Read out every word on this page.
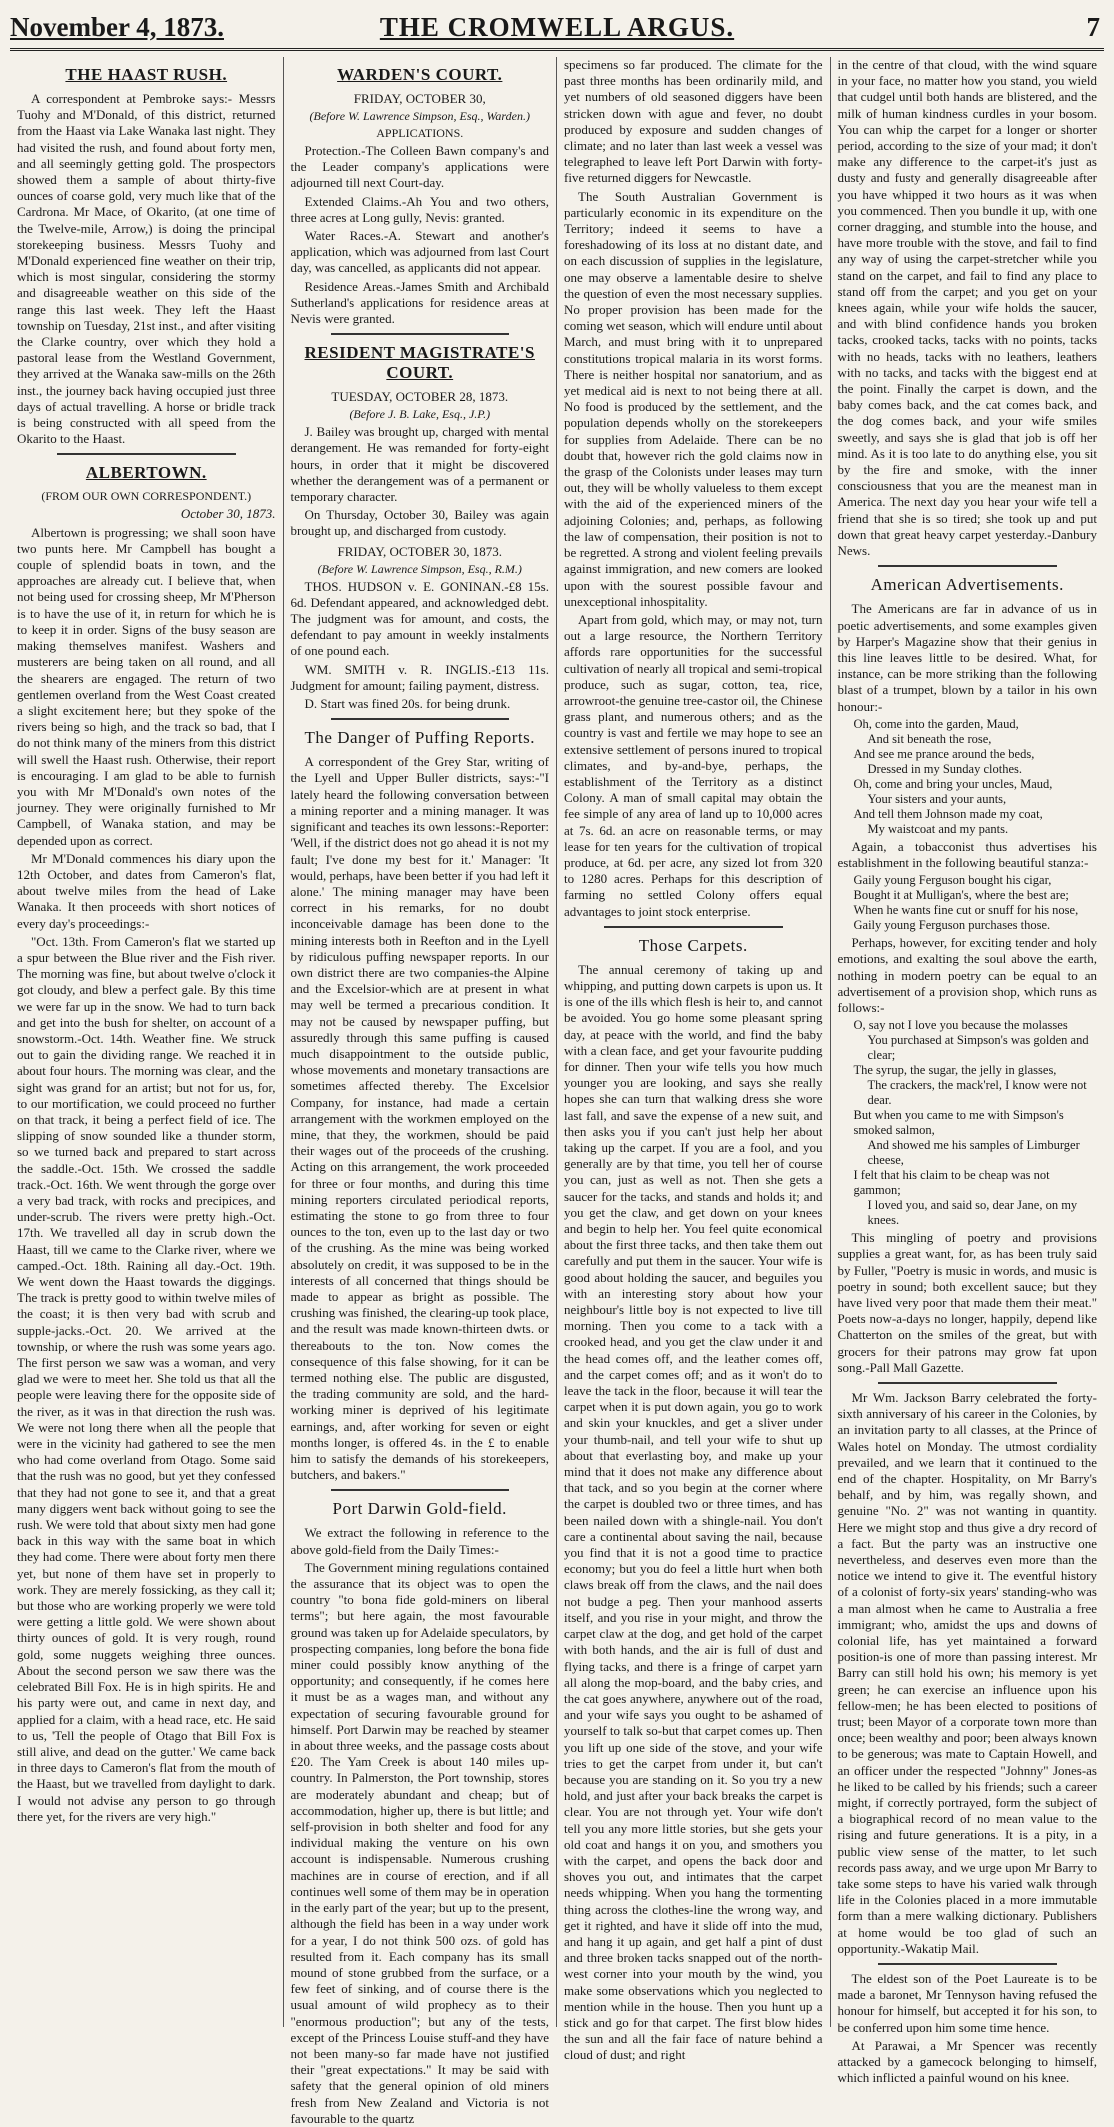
November 4, 1873.	THE CROMWELL ARGUS.	7
THE HAAST RUSH.

A correspondent at Pembroke says:- Messrs Tuohy and M'Donald, of this district, returned from the Haast via Lake Wanaka last night. They had visited the rush, and found about forty men, and all seemingly getting gold. The prospectors showed them a sample of about thirty-five ounces of coarse gold, very much like that of the Cardrona. Mr Mace, of Okarito, (at one time of the Twelve-mile, Arrow,) is doing the principal storekeeping business. Messrs Tuohy and M'Donald experienced fine weather on their trip, which is most singular, considering the stormy and disagreeable weather on this side of the range this last week. They left the Haast township on Tuesday, 21st inst., and after visiting the Clarke country, over which they hold a pastoral lease from the Westland Government, they arrived at the Wanaka saw-mills on the 26th inst., the journey back having occupied just three days of actual travelling. A horse or bridle track is being constructed with all speed from the Okarito to the Haast.

ALBERTOWN.
(FROM OUR OWN CORRESPONDENT.)

October 30, 1873.

Albertown is progressing; we shall soon have two punts here. Mr Campbell has bought a couple of splendid boats in town, and the approaches are already cut. I believe that, when not being used for crossing sheep, Mr M'Pherson is to have the use of it, in return for which he is to keep it in order. Signs of the busy season are making themselves manifest. Washers and musterers are being taken on all round, and all the shearers are engaged. The return of two gentlemen overland from the West Coast created a slight excitement here; but they spoke of the rivers being so high, and the track so bad, that I do not think many of the miners from this district will swell the Haast rush. Otherwise, their report is encouraging. I am glad to be able to furnish you with Mr M'Donald's own notes of the journey. They were originally furnished to Mr Campbell, of Wanaka station, and may be depended upon as correct.

Mr M'Donald commences his diary upon the 12th October, and dates from Cameron's flat, about twelve miles from the head of Lake Wanaka. It then proceeds with short notices of every day's proceedings:-

"Oct. 13th. From Cameron's flat we started up a spur between the Blue river and the Fish river. The morning was fine, but about twelve o'clock it got cloudy, and blew a perfect gale. By this time we were far up in the snow. We had to turn back and get into the bush for shelter, on account of a snowstorm.-Oct. 14th. Weather fine. We struck out to gain the dividing range. We reached it in about four hours. The morning was clear, and the sight was grand for an artist; but not for us, for, to our mortification, we could proceed no further on that track, it being a perfect field of ice. The slipping of snow sounded like a thunder storm, so we turned back and prepared to start across the saddle.-Oct. 15th. We crossed the saddle track.-Oct. 16th. We went through the gorge over a very bad track, with rocks and precipices, and under-scrub. The rivers were pretty high.-Oct. 17th. We travelled all day in scrub down the Haast, till we came to the Clarke river, where we camped.-Oct. 18th. Raining all day.-Oct. 19th. We went down the Haast towards the diggings. The track is pretty good to within twelve miles of the coast; it is then very bad with scrub and supple-jacks.-Oct. 20. We arrived at the township, or where the rush was some years ago. The first person we saw was a woman, and very glad we were to meet her. She told us that all the people were leaving there for the opposite side of the river, as it was in that direction the rush was. We were not long there when all the people that were in the vicinity had gathered to see the men who had come overland from Otago. Some said that the rush was no good, but yet they confessed that they had not gone to see it, and that a great many diggers went back without going to see the rush. We were told that about sixty men had gone back in this way with the same boat in which they had come. There were about forty men there yet, but none of them have set in properly to work. They are merely fossicking, as they call it; but those who are working properly we were told were getting a little gold. We were shown about thirty ounces of gold. It is very rough, round gold, some nuggets weighing three ounces. About the second person we saw there was the celebrated Bill Fox. He is in high spirits. He and his party were out, and came in next day, and applied for a claim, with a head race, etc. He said to us, 'Tell the people of Otago that Bill Fox is still alive, and dead on the gutter.' We came back in three days to Cameron's flat from the mouth of the Haast, but we travelled from daylight to dark. I would not advise any person to go through there yet, for the rivers are very high."

WARDEN'S COURT.
FRIDAY, OCTOBER 30,
(Before W. Lawrence Simpson, Esq., Warden.)
APPLICATIONS.

Protection.-The Colleen Bawn company's and the Leader company's applications were adjourned till next Court-day.

Extended Claims.-Ah You and two others, three acres at Long gully, Nevis: granted.

Water Races.-A. Stewart and another's application, which was adjourned from last Court day, was cancelled, as applicants did not appear.

Residence Areas.-James Smith and Archibald Sutherland's applications for residence areas at Nevis were granted.

RESIDENT MAGISTRATE'S COURT.
TUESDAY, OCTOBER 28, 1873.
(Before J. B. Lake, Esq., J.P.)

J. Bailey was brought up, charged with mental derangement. He was remanded for forty-eight hours, in order that it might be discovered whether the derangement was of a permanent or temporary character.

On Thursday, October 30, Bailey was again brought up, and discharged from custody.

FRIDAY, OCTOBER 30, 1873.
(Before W. Lawrence Simpson, Esq., R.M.)

THOS. HUDSON v. E. GONINAN.-£8 15s. 6d. Defendant appeared, and acknowledged debt. The judgment was for amount, and costs, the defendant to pay amount in weekly instalments of one pound each.

WM. SMITH v. R. INGLIS.-£13 11s. Judgment for amount; failing payment, distress.

D. Start was fined 20s. for being drunk.

The Danger of Puffing Reports.

A correspondent of the Grey Star, writing of the Lyell and Upper Buller districts, says:-"I lately heard the following conversation between a mining reporter and a mining manager. It was significant and teaches its own lessons:-Reporter: 'Well, if the district does not go ahead it is not my fault; I've done my best for it.' Manager: 'It would, perhaps, have been better if you had left it alone.' The mining manager may have been correct in his remarks, for no doubt inconceivable damage has been done to the mining interests both in Reefton and in the Lyell by ridiculous puffing newspaper reports. In our own district there are two companies-the Alpine and the Excelsior-which are at present in what may well be termed a precarious condition. It may not be caused by newspaper puffing, but assuredly through this same puffing is caused much disappointment to the outside public, whose movements and monetary transactions are sometimes affected thereby. The Excelsior Company, for instance, had made a certain arrangement with the workmen employed on the mine, that they, the workmen, should be paid their wages out of the proceeds of the crushing. Acting on this arrangement, the work proceeded for three or four months, and during this time mining reporters circulated periodical reports, estimating the stone to go from three to four ounces to the ton, even up to the last day or two of the crushing. As the mine was being worked absolutely on credit, it was supposed to be in the interests of all concerned that things should be made to appear as bright as possible. The crushing was finished, the clearing-up took place, and the result was made known-thirteen dwts. or thereabouts to the ton. Now comes the consequence of this false showing, for it can be termed nothing else. The public are disgusted, the trading community are sold, and the hard-working miner is deprived of his legitimate earnings, and, after working for seven or eight months longer, is offered 4s. in the £ to enable him to satisfy the demands of his storekeepers, butchers, and bakers."

Port Darwin Gold-field.

We extract the following in reference to the above gold-field from the Daily Times:-

The Government mining regulations contained the assurance that its object was to open the country "to bona fide gold-miners on liberal terms"; but here again, the most favourable ground was taken up for Adelaide speculators, by prospecting companies, long before the bona fide miner could possibly know anything of the opportunity; and consequently, if he comes here it must be as a wages man, and without any expectation of securing favourable ground for himself. Port Darwin may be reached by steamer in about three weeks, and the passage costs about £20. The Yam Creek is about 140 miles up-country. In Palmerston, the Port township, stores are moderately abundant and cheap; but of accommodation, higher up, there is but little; and self-provision in both shelter and food for any individual making the venture on his own account is indispensable. Numerous crushing machines are in course of erection, and if all continues well some of them may be in operation in the early part of the year; but up to the present, although the field has been in a way under work for a year, I do not think 500 ozs. of gold has resulted from it. Each company has its small mound of stone grubbed from the surface, or a few feet of sinking, and of course there is the usual amount of wild prophecy as to their "enormous production"; but any of the tests, except of the Princess Louise stuff-and they have not been many-so far made have not justified their "great expectations." It may be said with safety that the general opinion of old miners fresh from New Zealand and Victoria is not favourable to the quartz

specimens so far produced. The climate for the past three months has been ordinarily mild, and yet numbers of old seasoned diggers have been stricken down with ague and fever, no doubt produced by exposure and sudden changes of climate; and no later than last week a vessel was telegraphed to leave left Port Darwin with forty-five returned diggers for Newcastle.

The South Australian Government is particularly economic in its expenditure on the Territory; indeed it seems to have a foreshadowing of its loss at no distant date, and on each discussion of supplies in the legislature, one may observe a lamentable desire to shelve the question of even the most necessary supplies. No proper provision has been made for the coming wet season, which will endure until about March, and must bring with it to unprepared constitutions tropical malaria in its worst forms. There is neither hospital nor sanatorium, and as yet medical aid is next to not being there at all. No food is produced by the settlement, and the population depends wholly on the storekeepers for supplies from Adelaide. There can be no doubt that, however rich the gold claims now in the grasp of the Colonists under leases may turn out, they will be wholly valueless to them except with the aid of the experienced miners of the adjoining Colonies; and, perhaps, as following the law of compensation, their position is not to be regretted. A strong and violent feeling prevails against immigration, and new comers are looked upon with the sourest possible favour and unexceptional inhospitality.

Apart from gold, which may, or may not, turn out a large resource, the Northern Territory affords rare opportunities for the successful cultivation of nearly all tropical and semi-tropical produce, such as sugar, cotton, tea, rice, arrowroot-the genuine tree-castor oil, the Chinese grass plant, and numerous others; and as the country is vast and fertile we may hope to see an extensive settlement of persons inured to tropical climates, and by-and-bye, perhaps, the establishment of the Territory as a distinct Colony. A man of small capital may obtain the fee simple of any area of land up to 10,000 acres at 7s. 6d. an acre on reasonable terms, or may lease for ten years for the cultivation of tropical produce, at 6d. per acre, any sized lot from 320 to 1280 acres. Perhaps for this description of farming no settled Colony offers equal advantages to joint stock enterprise.

Those Carpets.

The annual ceremony of taking up and whipping, and putting down carpets is upon us. It is one of the ills which flesh is heir to, and cannot be avoided. You go home some pleasant spring day, at peace with the world, and find the baby with a clean face, and get your favourite pudding for dinner. Then your wife tells you how much younger you are looking, and says she really hopes she can turn that walking dress she wore last fall, and save the expense of a new suit, and then asks you if you can't just help her about taking up the carpet. If you are a fool, and you generally are by that time, you tell her of course you can, just as well as not. Then she gets a saucer for the tacks, and stands and holds it; and you get the claw, and get down on your knees and begin to help her. You feel quite economical about the first three tacks, and then take them out carefully and put them in the saucer. Your wife is good about holding the saucer, and beguiles you with an interesting story about how your neighbour's little boy is not expected to live till morning. Then you come to a tack with a crooked head, and you get the claw under it and the head comes off, and the leather comes off, and the carpet comes off; and as it won't do to leave the tack in the floor, because it will tear the carpet when it is put down again, you go to work and skin your knuckles, and get a sliver under your thumb-nail, and tell your wife to shut up about that everlasting boy, and make up your mind that it does not make any difference about that tack, and so you begin at the corner where the carpet is doubled two or three times, and has been nailed down with a shingle-nail. You don't care a continental about saving the nail, because you find that it is not a good time to practice economy; but you do feel a little hurt when both claws break off from the claws, and the nail does not budge a peg. Then your manhood asserts itself, and you rise in your might, and throw the carpet claw at the dog, and get hold of the carpet with both hands, and the air is full of dust and flying tacks, and there is a fringe of carpet yarn all along the mop-board, and the baby cries, and the cat goes anywhere, anywhere out of the road, and your wife says you ought to be ashamed of yourself to talk so-but that carpet comes up. Then you lift up one side of the stove, and your wife tries to get the carpet from under it, but can't because you are standing on it. So you try a new hold, and just after your back breaks the carpet is clear. You are not through yet. Your wife don't tell you any more little stories, but she gets your old coat and hangs it on you, and smothers you with the carpet, and opens the back door and shoves you out, and intimates that the carpet needs whipping. When you hang the tormenting thing across the clothes-line the wrong way, and get it righted, and have it slide off into the mud, and hang it up again, and get half a pint of dust and three broken tacks snapped out of the north-west corner into your mouth by the wind, you make some observations which you neglected to mention while in the house. Then you hunt up a stick and go for that carpet. The first blow hides the sun and all the fair face of nature behind a cloud of dust; and right

in the centre of that cloud, with the wind square in your face, no matter how you stand, you wield that cudgel until both hands are blistered, and the milk of human kindness curdles in your bosom. You can whip the carpet for a longer or shorter period, according to the size of your mad; it don't make any difference to the carpet-it's just as dusty and fusty and generally disagreeable after you have whipped it two hours as it was when you commenced. Then you bundle it up, with one corner dragging, and stumble into the house, and have more trouble with the stove, and fail to find any way of using the carpet-stretcher while you stand on the carpet, and fail to find any place to stand off from the carpet; and you get on your knees again, while your wife holds the saucer, and with blind confidence hands you broken tacks, crooked tacks, tacks with no points, tacks with no heads, tacks with no leathers, leathers with no tacks, and tacks with the biggest end at the point. Finally the carpet is down, and the baby comes back, and the cat comes back, and the dog comes back, and your wife smiles sweetly, and says she is glad that job is off her mind. As it is too late to do anything else, you sit by the fire and smoke, with the inner consciousness that you are the meanest man in America. The next day you hear your wife tell a friend that she is so tired; she took up and put down that great heavy carpet yesterday.-Danbury News.

American Advertisements.

The Americans are far in advance of us in poetic advertisements, and some examples given by Harper's Magazine show that their genius in this line leaves little to be desired. What, for instance, can be more striking than the following blast of a trumpet, blown by a tailor in his own honour:-

Oh, come into the garden, Maud,
And sit beneath the rose,
And see me prance around the beds,
Dressed in my Sunday clothes.
Oh, come and bring your uncles, Maud,
Your sisters and your aunts,
And tell them Johnson made my coat,
My waistcoat and my pants.

Again, a tobacconist thus advertises his establishment in the following beautiful stanza:-

Gaily young Ferguson bought his cigar,
Bought it at Mulligan's, where the best are;
When he wants fine cut or snuff for his nose,
Gaily young Ferguson purchases those.

Perhaps, however, for exciting tender and holy emotions, and exalting the soul above the earth, nothing in modern poetry can be equal to an advertisement of a provision shop, which runs as follows:-

O, say not I love you because the molasses
You purchased at Simpson's was golden and clear;
The syrup, the sugar, the jelly in glasses,
The crackers, the mack'rel, I know were not dear.
But when you came to me with Simpson's smoked salmon,
And showed me his samples of Limburger cheese,
I felt that his claim to be cheap was not gammon;
I loved you, and said so, dear Jane, on my knees.

This mingling of poetry and provisions supplies a great want, for, as has been truly said by Fuller, "Poetry is music in words, and music is poetry in sound; both excellent sauce; but they have lived very poor that made them their meat." Poets now-a-days no longer, happily, depend like Chatterton on the smiles of the great, but with grocers for their patrons may grow fat upon song.-Pall Mall Gazette.

Mr Wm. Jackson Barry celebrated the forty-sixth anniversary of his career in the Colonies, by an invitation party to all classes, at the Prince of Wales hotel on Monday. The utmost cordiality prevailed, and we learn that it continued to the end of the chapter. Hospitality, on Mr Barry's behalf, and by him, was regally shown, and genuine "No. 2" was not wanting in quantity. Here we might stop and thus give a dry record of a fact. But the party was an instructive one nevertheless, and deserves even more than the notice we intend to give it. The eventful history of a colonist of forty-six years' standing-who was a man almost when he came to Australia a free immigrant; who, amidst the ups and downs of colonial life, has yet maintained a forward position-is one of more than passing interest. Mr Barry can still hold his own; his memory is yet green; he can exercise an influence upon his fellow-men; he has been elected to positions of trust; been Mayor of a corporate town more than once; been wealthy and poor; been always known to be generous; was mate to Captain Howell, and an officer under the respected "Johnny" Jones-as he liked to be called by his friends; such a career might, if correctly portrayed, form the subject of a biographical record of no mean value to the rising and future generations. It is a pity, in a public view sense of the matter, to let such records pass away, and we urge upon Mr Barry to take some steps to have his varied walk through life in the Colonies placed in a more immutable form than a mere walking dictionary. Publishers at home would be too glad of such an opportunity.-Wakatip Mail.

The eldest son of the Poet Laureate is to be made a baronet, Mr Tennyson having refused the honour for himself, but accepted it for his son, to be conferred upon him some time hence.

At Parawai, a Mr Spencer was recently attacked by a gamecock belonging to himself, which inflicted a painful wound on his knee.
